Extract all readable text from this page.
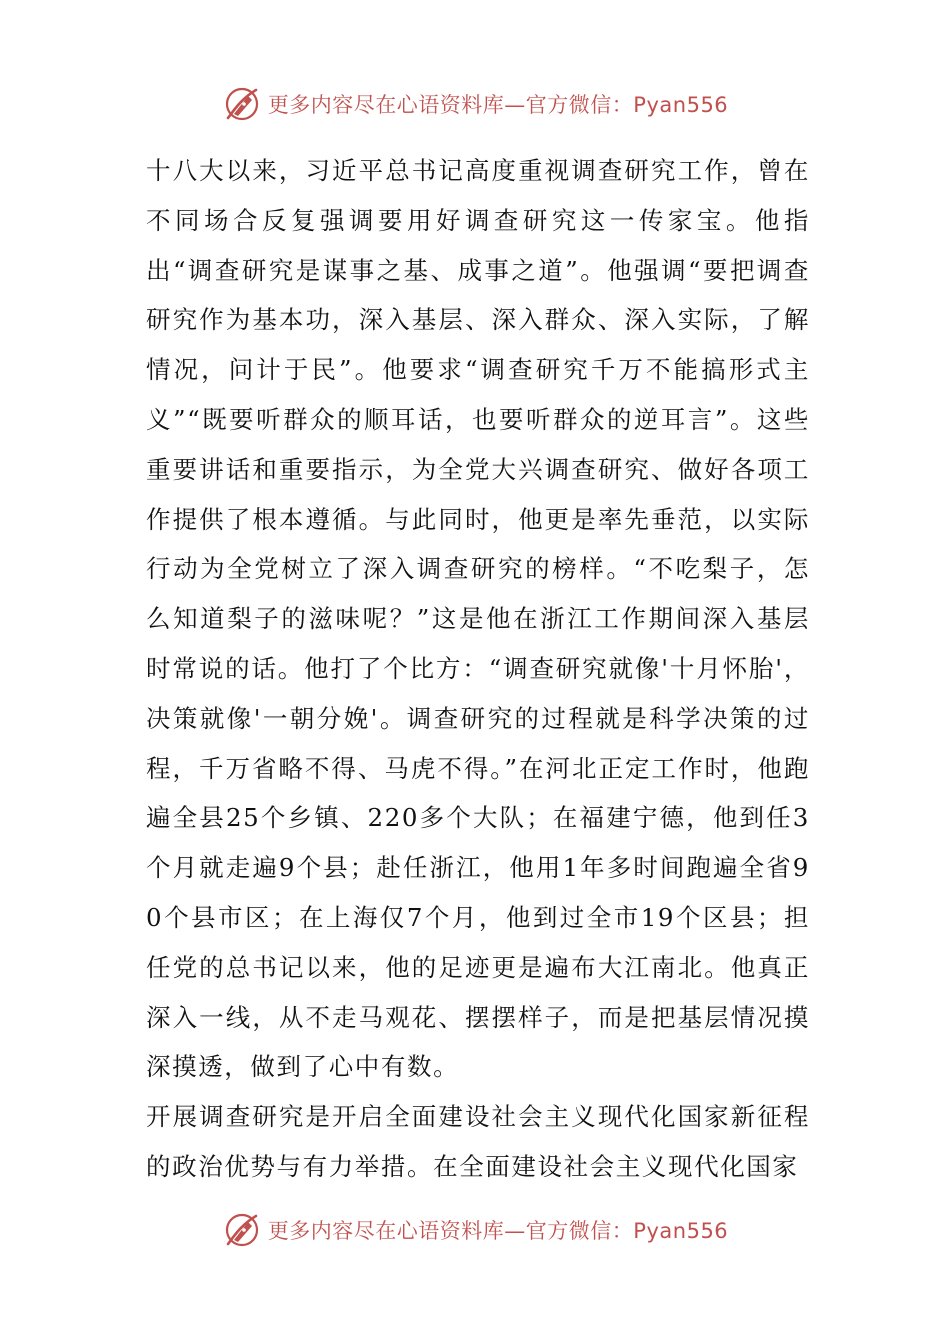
更多内容尽在心语资料库—官方微信：Pyan556

十八大以来，习近平总书记高度重视调查研究工作，曾在不同场合反复强调要用好调查研究这一传家宝。他指出“调查研究是谋事之基、成事之道”。他强调“要把调查研究作为基本功，深入基层、深入群众、深入实际，了解情况，问计于民”。他要求“调查研究千万不能搞形式主义”“既要听群众的顺耳话，也要听群众的逆耳言”。这些重要讲话和重要指示，为全党大兴调查研究、做好各项工作提供了根本遵循。与此同时，他更是率先垂范，以实际行动为全党树立了深入调查研究的榜样。“不吃梨子，怎么知道梨子的滋味呢？”这是他在浙江工作期间深入基层时常说的话。他打了个比方：“调查研究就像'十月怀胎'，决策就像'一朝分娩'。调查研究的过程就是科学决策的过程，千万省略不得、马虎不得。”在河北正定工作时，他跑遍全县25个乡镇、220多个大队；在福建宁德，他到任3个月就走遍9个县；赴任浙江，他用1年多时间跑遍全省90个县市区；在上海仅7个月，他到过全市19个区县；担任党的总书记以来，他的足迹更是遍布大江南北。他真正深入一线，从不走马观花、摆摆样子，而是把基层情况摸深摸透，做到了心中有数。

开展调查研究是开启全面建设社会主义现代化国家新征程的政治优势与有力举措。在全面建设社会主义现代化国家

更多内容尽在心语资料库—官方微信：Pyan556
